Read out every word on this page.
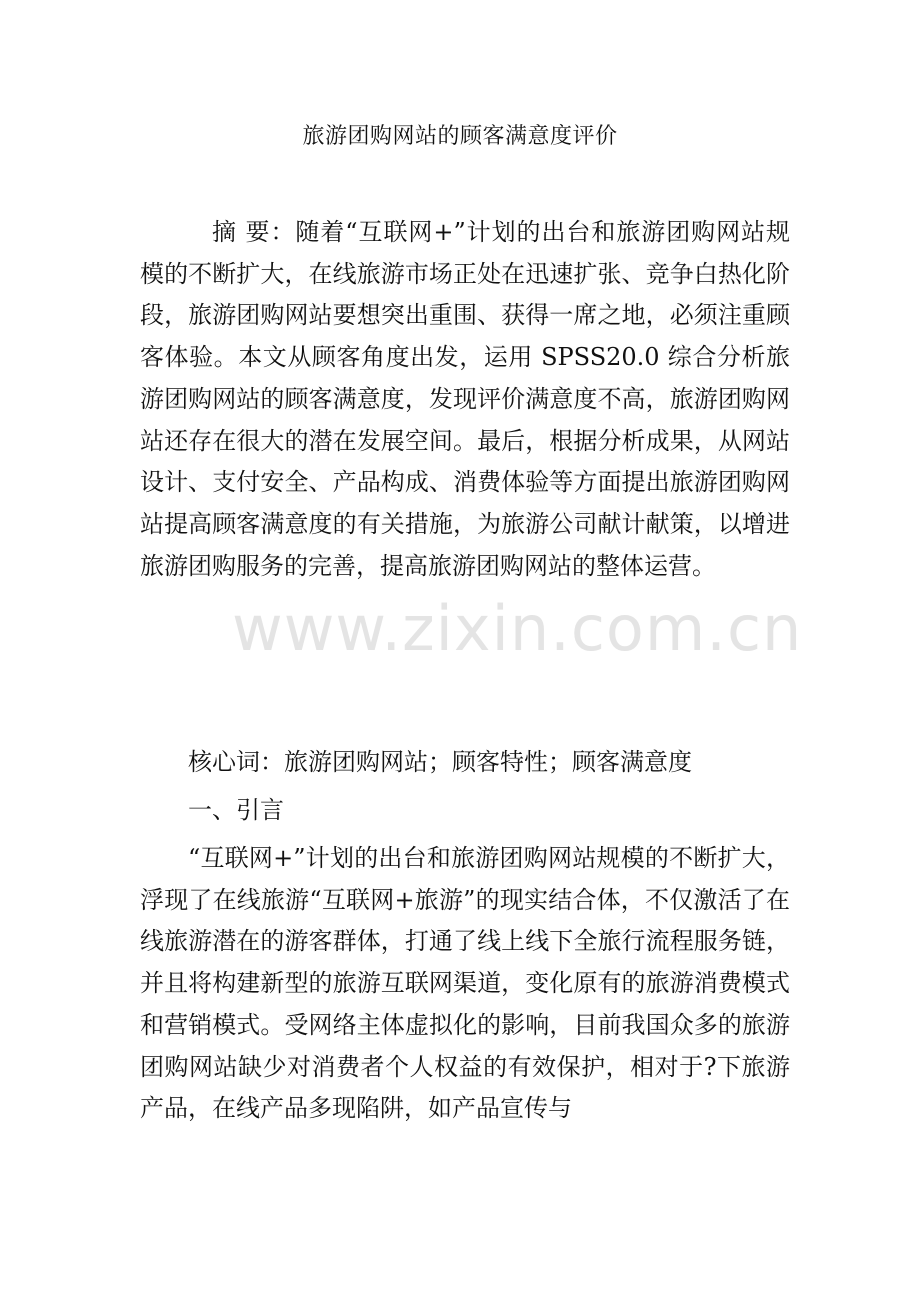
www.zixin.com.cn
旅游团购网站的顾客满意度评价
摘 要：随着“互联网+”计划的出台和旅游团购网站规模的不断扩大，在线旅游市场正处在迅速扩张、竞争白热化阶段，旅游团购网站要想突出重围、获得一席之地，必须注重顾客体验。本文从顾客角度出发，运用 SPSS20.0 综合分析旅游团购网站的顾客满意度，发现评价满意度不高，旅游团购网站还存在很大的潜在发展空间。最后，根据分析成果，从网站设计、支付安全、产品构成、消费体验等方面提出旅游团购网站提高顾客满意度的有关措施，为旅游公司献计献策，以增进旅游团购服务的完善，提高旅游团购网站的整体运营。
核心词：旅游团购网站；顾客特性；顾客满意度
一、引言
“互联网+”计划的出台和旅游团购网站规模的不断扩大，浮现了在线旅游“互联网+旅游”的现实结合体，不仅激活了在线旅游潜在的游客群体，打通了线上线下全旅行流程服务链，并且将构建新型的旅游互联网渠道，变化原有的旅游消费模式和营销模式。受网络主体虚拟化的影响，目前我国众多的旅游团购网站缺少对消费者个人权益的有效保护，相对于?下旅游产品，在线产品多现陷阱，如产品宣传与
